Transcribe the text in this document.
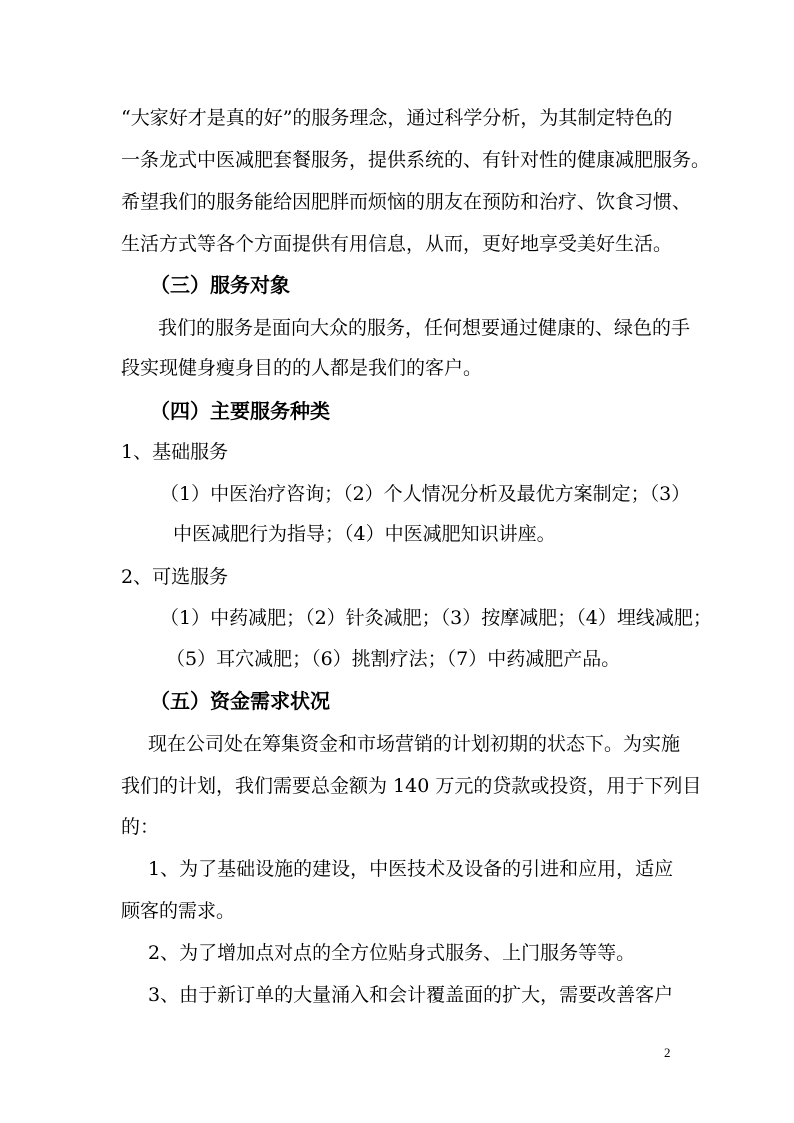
“大家好才是真的好”的服务理念，通过科学分析，为其制定特色的
一条龙式中医减肥套餐服务，提供系统的、有针对性的健康减肥服务。
希望我们的服务能给因肥胖而烦恼的朋友在预防和治疗、饮食习惯、
生活方式等各个方面提供有用信息，从而，更好地享受美好生活。
（三）服务对象
我们的服务是面向大众的服务，任何想要通过健康的、绿色的手
段实现健身瘦身目的的人都是我们的客户。
（四）主要服务种类
1、基础服务
（1）中医治疗咨询；（2）个人情况分析及最优方案制定；（3）
中医减肥行为指导；（4）中医减肥知识讲座。
2、可选服务
（1）中药减肥；（2）针灸减肥；（3）按摩减肥；（4）埋线减肥；
（5）耳穴减肥；（6）挑割疗法；（7）中药减肥产品。
（五）资金需求状况
现在公司处在筹集资金和市场营销的计划初期的状态下。为实施
我们的计划，我们需要总金额为 140 万元的贷款或投资，用于下列目
的：
1、为了基础设施的建设，中医技术及设备的引进和应用，适应
顾客的需求。
2、为了增加点对点的全方位贴身式服务、上门服务等等。
3、由于新订单的大量涌入和会计覆盖面的扩大，需要改善客户
2
